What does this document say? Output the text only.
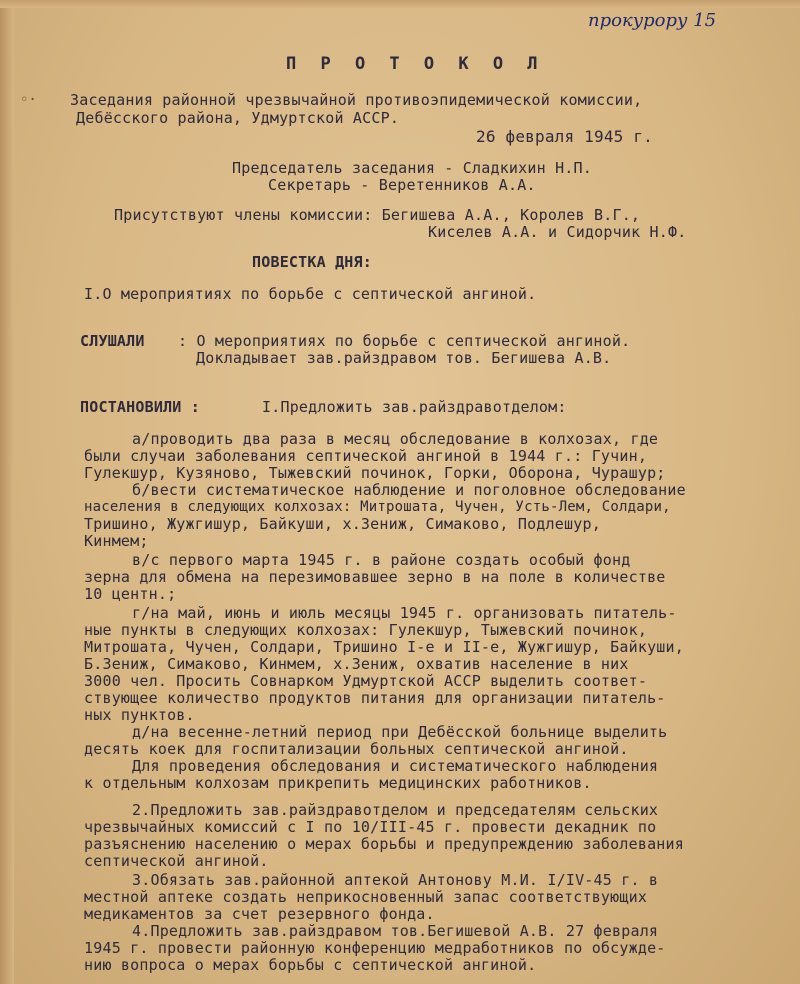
прокурору 15
◦·
П Р О Т О К О Л
Заседания районной чрезвычайной противоэпидемической комиссии,
Дебёсского района, Удмуртской АССР.
26 февраля 1945 г.
Председатель заседания - Сладкихин Н.П.
Секретарь - Веретенников А.А.
Присутствуют члены комиссии: Бегишева А.А., Королев В.Г.,
Киселев А.А. и Сидорчик Н.Ф.
ПОВЕСТКА ДНЯ:
I.О мероприятиях по борьбе с септической ангиной.
СЛУШАЛИ : О мероприятиях по борьбе с септической ангиной.
Докладывает зав.райздравом тов. Бегишева А.В.
ПОСТАНОВИЛИ :	I.Предложить зав.райздравотделом:
а/проводить два раза в месяц обследование в колхозах, где
были случаи заболевания септической ангиной в 1944 г.: Гучин,
Гулекшур, Кузяново, Тыжевский починок, Горки, Оборона, Чурашур;
б/вести систематическое наблюдение и поголовное обследование
населения в следующих колхозах: Митрошата, Чучен, Усть-Лем, Солдари,
Тришино, Жужгишур, Байкуши, х.Зениж, Симаково, Подлешур,
Кинмем;
в/с первого марта 1945 г. в районе создать особый фонд
зерна для обмена на перезимовавшее зерно в на поле в количестве
10 центн.;
г/на май, июнь и июль месяцы 1945 г. организовать питатель-
ные пункты в следующих колхозах: Гулекшур, Тыжевский починок,
Митрошата, Чучен, Солдари, Тришино I-е и II-е, Жужгишур, Байкуши,
Б.Зениж, Симаково, Кинмем, х.Зениж, охватив население в них
3000 чел. Просить Совнарком Удмуртской АССР выделить соответ-
ствующее количество продуктов питания для организации питатель-
ных пунктов.
д/на весенне-летний период при Дебёсской больнице выделить
десять коек для госпитализации больных септической ангиной.
Для проведения обследования и систематического наблюдения
к отдельным колхозам прикрепить медицинских работников.
2.Предложить зав.райздравотделом и председателям сельских
чрезвычайных комиссий с I по 10/III-45 г. провести декадник по
разъяснению населению о мерах борьбы и предупреждению заболевания
септической ангиной.
3.Обязать зав.районной аптекой Антонову М.И. I/IV-45 г. в
местной аптеке создать неприкосновенный запас соответствующих
медикаментов за счет резервного фонда.
4.Предложить зав.райздравом тов.Бегишевой А.В. 27 февраля
1945 г. провести районную конференцию медработников по обсужде-
нию вопроса о мерах борьбы с септической ангиной.
